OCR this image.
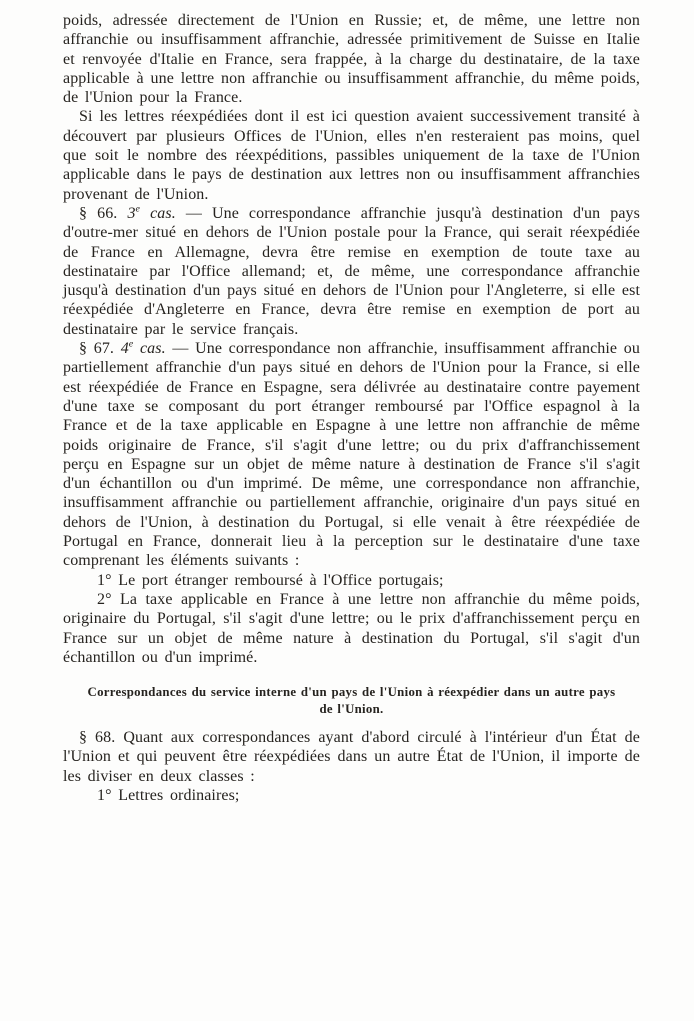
poids, adressée directement de l'Union en Russie; et, de même, une lettre non affranchie ou insuffisamment affranchie, adressée primitivement de Suisse en Italie et renvoyée d'Italie en France, sera frappée, à la charge du destinataire, de la taxe applicable à une lettre non affranchie ou insuffisamment affranchie, du même poids, de l'Union pour la France.

Si les lettres réexpédiées dont il est ici question avaient successivement transité à découvert par plusieurs Offices de l'Union, elles n'en resteraient pas moins, quel que soit le nombre des réexpéditions, passibles uniquement de la taxe de l'Union applicable dans le pays de destination aux lettres non ou insuffisamment affranchies provenant de l'Union.

§ 66. 3e cas. — Une correspondance affranchie jusqu'à destination d'un pays d'outre-mer situé en dehors de l'Union postale pour la France, qui serait réexpédiée de France en Allemagne, devra être remise en exemption de toute taxe au destinataire par l'Office allemand; et, de même, une correspondance affranchie jusqu'à destination d'un pays situé en dehors de l'Union pour l'Angleterre, si elle est réexpédiée d'Angleterre en France, devra être remise en exemption de port au destinataire par le service français.

§ 67. 4e cas. — Une correspondance non affranchie, insuffisamment affranchie ou partiellement affranchie d'un pays situé en dehors de l'Union pour la France, si elle est réexpédiée de France en Espagne, sera délivrée au destinataire contre payement d'une taxe se composant du port étranger remboursé par l'Office espagnol à la France et de la taxe applicable en Espagne à une lettre non affranchie de même poids originaire de France, s'il s'agit d'une lettre; ou du prix d'affranchissement perçu en Espagne sur un objet de même nature à destination de France s'il s'agit d'un échantillon ou d'un imprimé. De même, une correspondance non affranchie, insuffisamment affranchie ou partiellement affranchie, originaire d'un pays situé en dehors de l'Union, à destination du Portugal, si elle venait à être réexpédiée de Portugal en France, donnerait lieu à la perception sur le destinataire d'une taxe comprenant les éléments suivants :

1° Le port étranger remboursé à l'Office portugais;

2° La taxe applicable en France à une lettre non affranchie du même poids, originaire du Portugal, s'il s'agit d'une lettre; ou le prix d'affranchissement perçu en France sur un objet de même nature à destination du Portugal, s'il s'agit d'un échantillon ou d'un imprimé.

Correspondances du service interne d'un pays de l'Union à réexpédier dans un autre pays de l'Union.

§ 68. Quant aux correspondances ayant d'abord circulé à l'intérieur d'un État de l'Union et qui peuvent être réexpédiées dans un autre État de l'Union, il importe de les diviser en deux classes :

1° Lettres ordinaires;
